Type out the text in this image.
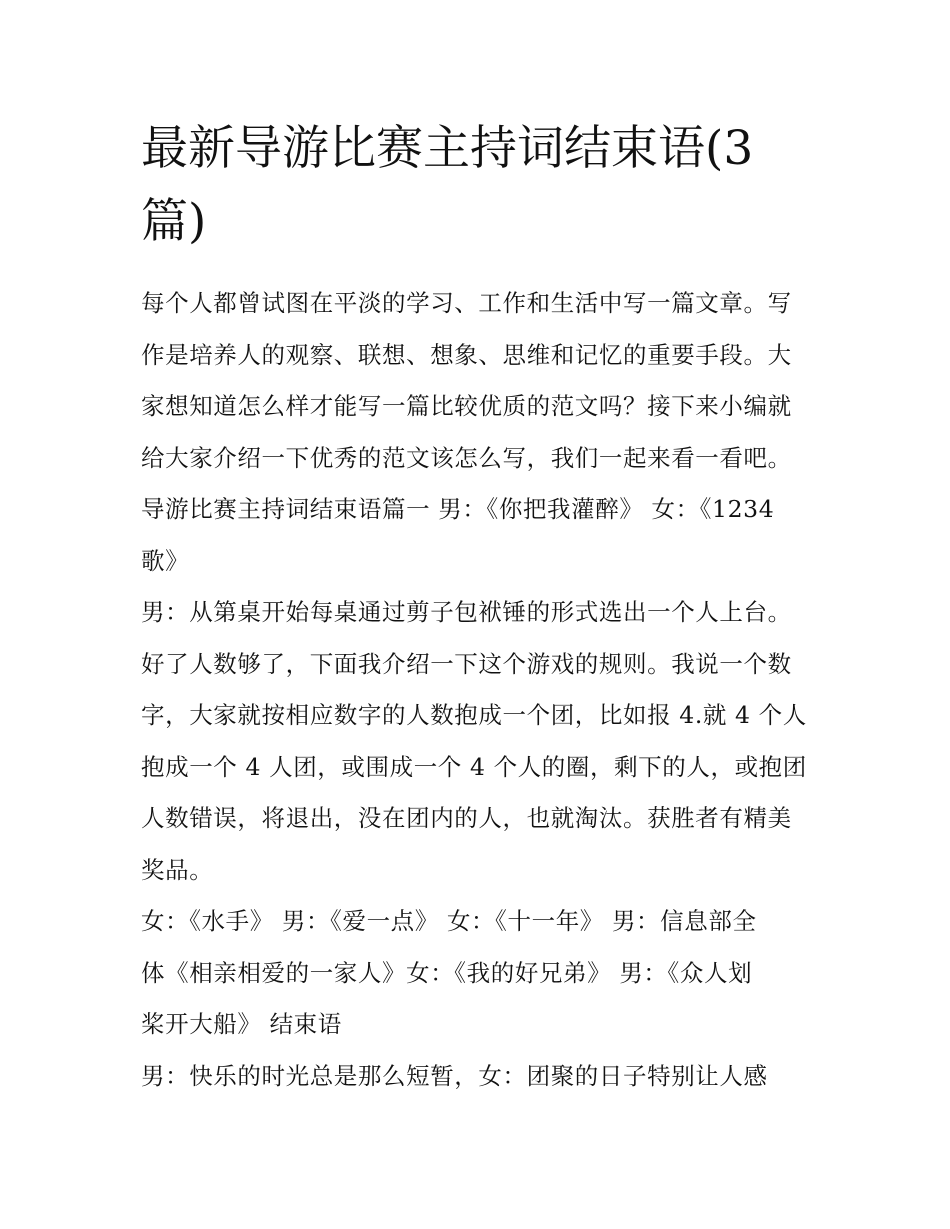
最新导游比赛主持词结束语(3
篇)

每个人都曾试图在平淡的学习、工作和生活中写一篇文章。写

作是培养人的观察、联想、想象、思维和记忆的重要手段。大

家想知道怎么样才能写一篇比较优质的范文吗？接下来小编就

给大家介绍一下优秀的范文该怎么写，我们一起来看一看吧。

导游比赛主持词结束语篇一 男：《你把我灌醉》 女：《1234

歌》

男：从第桌开始每桌通过剪子包袱锤的形式选出一个人上台。

好了人数够了，下面我介绍一下这个游戏的规则。我说一个数

字，大家就按相应数字的人数抱成一个团，比如报 4.就 4 个人

抱成一个 4 人团，或围成一个 4 个人的圈，剩下的人，或抱团

人数错误，将退出，没在团内的人，也就淘汰。获胜者有精美

奖品。

女：《水手》 男：《爱一点》 女：《十一年》 男：信息部全

体《相亲相爱的一家人》女：《我的好兄弟》 男：《众人划

桨开大船》 结束语

男：快乐的时光总是那么短暂，女：团聚的日子特别让人感
